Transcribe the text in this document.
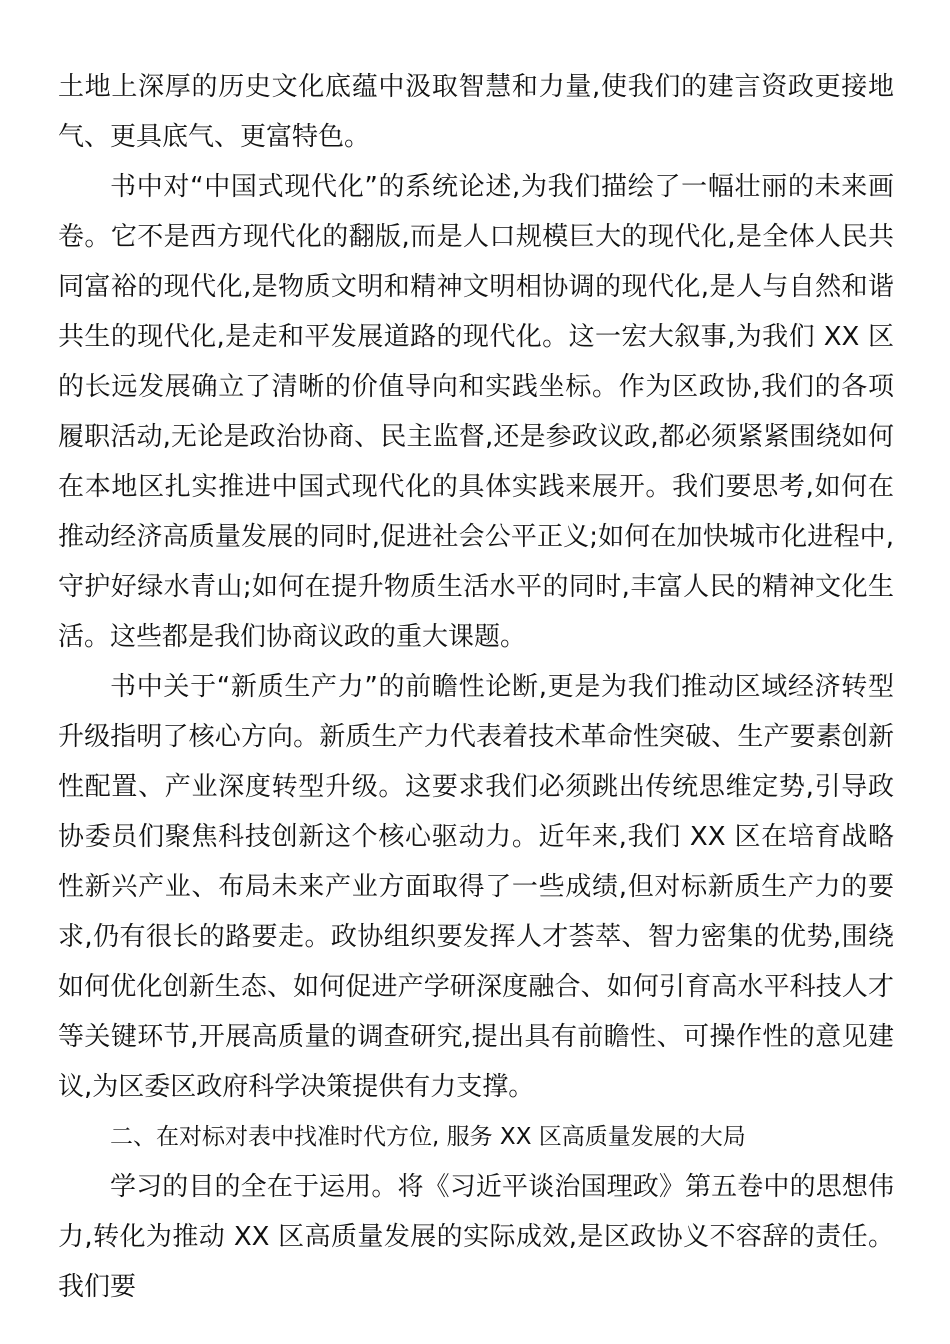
土地上深厚的历史文化底蕴中汲取智慧和力量,使我们的建言资政更接地气、更具底气、更富特色。

书中对“中国式现代化”的系统论述,为我们描绘了一幅壮丽的未来画卷。它不是西方现代化的翻版,而是人口规模巨大的现代化,是全体人民共同富裕的现代化,是物质文明和精神文明相协调的现代化,是人与自然和谐共生的现代化,是走和平发展道路的现代化。这一宏大叙事,为我们 XX 区的长远发展确立了清晰的价值导向和实践坐标。作为区政协,我们的各项履职活动,无论是政治协商、民主监督,还是参政议政,都必须紧紧围绕如何在本地区扎实推进中国式现代化的具体实践来展开。我们要思考,如何在推动经济高质量发展的同时,促进社会公平正义;如何在加快城市化进程中,守护好绿水青山;如何在提升物质生活水平的同时,丰富人民的精神文化生活。这些都是我们协商议政的重大课题。

书中关于“新质生产力”的前瞻性论断,更是为我们推动区域经济转型升级指明了核心方向。新质生产力代表着技术革命性突破、生产要素创新性配置、产业深度转型升级。这要求我们必须跳出传统思维定势,引导政协委员们聚焦科技创新这个核心驱动力。近年来,我们 XX 区在培育战略性新兴产业、布局未来产业方面取得了一些成绩,但对标新质生产力的要求,仍有很长的路要走。政协组织要发挥人才荟萃、智力密集的优势,围绕如何优化创新生态、如何促进产学研深度融合、如何引育高水平科技人才等关键环节,开展高质量的调查研究,提出具有前瞻性、可操作性的意见建议,为区委区政府科学决策提供有力支撑。

二、在对标对表中找准时代方位, 服务 XX 区高质量发展的大局

学习的目的全在于运用。将《习近平谈治国理政》第五卷中的思想伟力,转化为推动 XX 区高质量发展的实际成效,是区政协义不容辞的责任。我们要
